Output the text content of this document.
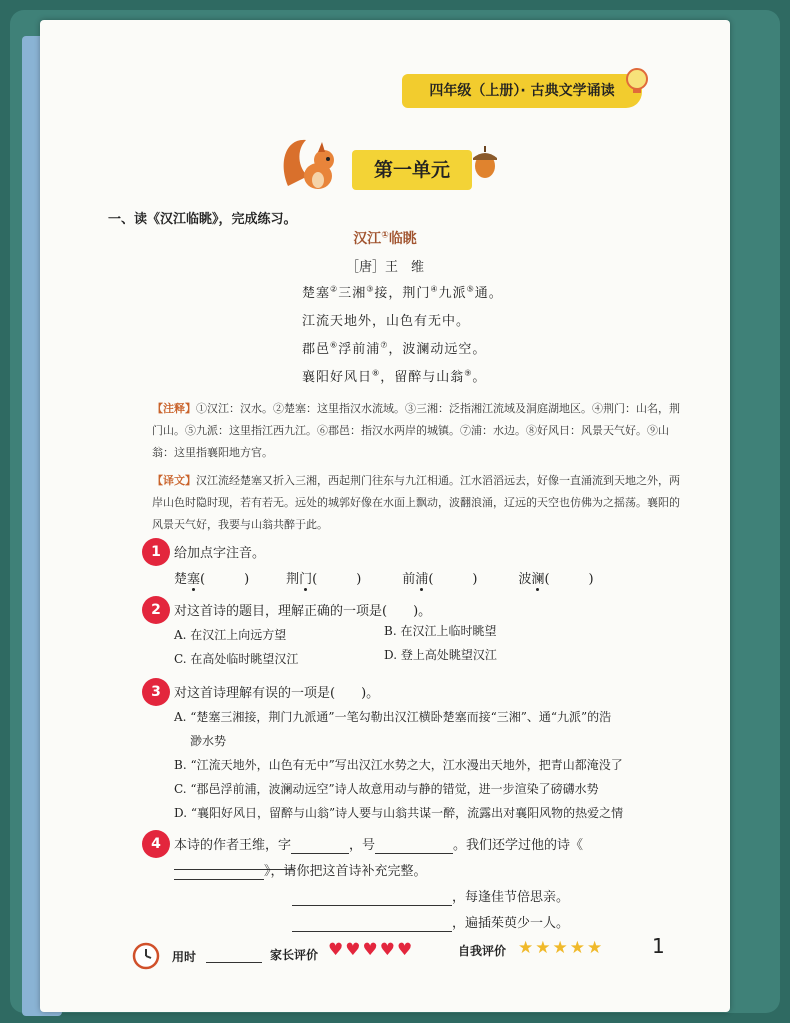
四年级（上册）· 古典文学诵读
第一单元
一、读《汉江临眺》，完成练习。
汉江①临眺
［唐］王　维
楚塞②三湘③接，荆门④九派⑤通。
江流天地外，山色有无中。
郡邑⑥浮前浦⑦，波澜动远空。
襄阳好风日⑧，留醉与山翁⑨。
【注释】①汉江：汉水。②楚塞：这里指汉水流域。③三湘：泛指湘江流域及洞庭湖地区。④荆门：山名，荆门山。⑤九派：这里指江西九江。⑥郡邑：指汉水两岸的城镇。⑦浦：水边。⑧好风日：风景天气好。⑨山翁：这里指襄阳地方官。
【译文】汉江流经楚塞又折入三湘，西起荆门往东与九江相通。江水滔滔远去，好像一直涌流到天地之外，两岸山色时隐时现，若有若无。远处的城郭好像在水面上飘动，波翻浪涌，辽远的天空也仿佛为之摇荡。襄阳的风景天气好，我要与山翁共醉于此。
1	给加点字注音。
楚塞(　　　)	荆门(　　　)	前浦(　　　)	波澜(　　　)
2	对这首诗的题目，理解正确的一项是(　　)。
A. 在汉江上向远方望	B. 在汉江上临时眺望
C. 在高处临时眺望汉江	D. 登上高处眺望汉江
3	对这首诗理解有误的一项是(　　)。
A. “楚塞三湘接，荆门九派通”一笔勾勒出汉江横卧楚塞而接“三湘”、通“九派”的浩
渺水势
B. “江流天地外，山色有无中”写出汉江水势之大，江水漫出天地外，把青山都淹没了
C. “郡邑浮前浦，波澜动远空”诗人故意用动与静的错觉，进一步渲染了磅礴水势
D. “襄阳好风日，留醉与山翁”诗人要与山翁共谋一醉，流露出对襄阳风物的热爱之情
4	本诗的作者王维，字	，号	。我们还学过他的诗《
》，请你把这首诗补充完整。
，每逢佳节倍思亲。
，遍插茱萸少一人。
用时	家长评价 ♥♥♥♥♥	自我评价 ★★★★★ 1
